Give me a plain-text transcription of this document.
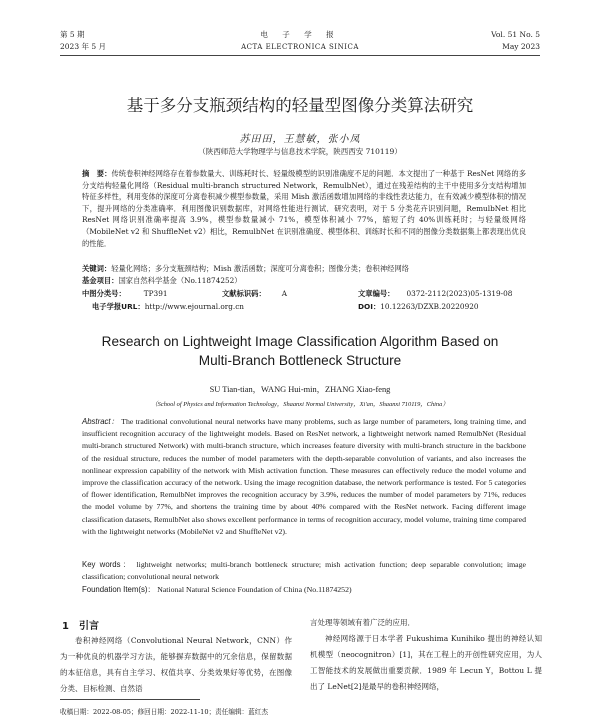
第 5 期
2023 年 5 月
电 子 学 报
ACTA ELECTRONICA SINICA
Vol. 51 No. 5
May 2023
基于多分支瓶颈结构的轻量型图像分类算法研究
苏田田，王慧敏，张小凤
（陕西师范大学物理学与信息技术学院，陕西西安 710119）
摘　要：传统卷积神经网络存在着参数量大、训练耗时长、轻量级模型的识别准确度不足的问题．本文提出了一种基于 ResNet 网络的多分支结构轻量化网络（Residual multi-branch structured Network，RemulbNet），通过在残差结构的主干中使用多分支结构增加特征多样性，利用变体的深度可分离卷积减少模型参数量，采用 Mish 激活函数增加网络的非线性表达能力，在有效减少模型体积的情况下，提升网络的分类准确率．利用图像识别数据库，对网络性能进行测试．研究表明，对于 5 分类花卉识别问题，RemulbNet 相比 ResNet 网络识别准确率提高 3.9%，模型参数量减小 71%，模型体积减小 77%，缩短了约 40%训练耗时；与轻量级网络（MobileNet v2 和 ShuffleNet v2）相比，RemulbNet 在识别准确度、模型体积、训练时长和不同的图像分类数据集上都表现出优良的性能．
关键词：轻量化网络；多分支瓶颈结构；Mish 激活函数；深度可分离卷积；图像分类；卷积神经网络
基金项目：国家自然科学基金（No.11874252）
中图分类号： TP391	文献标识码： A	文章编号： 0372-2112(2023)05-1319-08
电子学报URL：http://www.ejournal.org.cn	DOI：10.12263/DZXB.20220920
Research on Lightweight Image Classification Algorithm Based on
Multi-Branch Bottleneck Structure
SU Tian-tian，WANG Hui-min，ZHANG Xiao-feng
（School of Physics and Information Technology，Shaanxi Normal University，Xi'an，Shaanxi 710119，China）
Abstract： The traditional convolutional neural networks have many problems, such as large number of parameters, long training time, and insufficient recognition accuracy of the lightweight models. Based on ResNet network, a lightweight network named RemulbNet (Residual multi-branch structured Network) with multi-branch structure, which increases feature diversity with multi-branch structure in the backbone of the residual structure, reduces the number of model parameters with the depth-separable convolution of variants, and also increases the nonlinear expression capability of the network with Mish activation function. These measures can effectively reduce the model volume and improve the classification accuracy of the network. Using the image recognition database, the network performance is tested. For 5 categories of flower identification, RemulbNet improves the recognition accuracy by 3.9%, reduces the number of model parameters by 71%, reduces the model volume by 77%, and shortens the training time by about 40% compared with the ResNet network. Facing different image classification datasets, RemulbNet also shows excellent performance in terms of recognition accuracy, model volume, training time compared with the lightweight networks (MobileNet v2 and ShuffleNet v2).
Key words： lightweight networks; multi-branch bottleneck structure; mish activation function; deep separable convolution; image classification; convolutional neural network
Foundation Item(s)： National Natural Science Foundation of China (No.11874252)
1　引言
卷积神经网络（Convolutional Neural Network，CNN）作为一种优良的机器学习方法，能够摒弃数据中的冗余信息，保留数据的本征信息，具有自主学习、权值共享、分类效果好等优势，在图像分类、目标检测、自然语
言处理等领域有着广泛的应用．
神经网络源于日本学者 Fukushima Kunihiko 提出的神经认知机模型（neocognitron）[1]，其在工程上的开创性研究应用，为人工智能技术的发展做出重要贡献．1989 年 Lecun Y，Bottou L 提出了 LeNet[2]是最早的卷积神经网络，
收稿日期：2022-08-05；修回日期：2022-11-10；责任编辑：蓝红杰
